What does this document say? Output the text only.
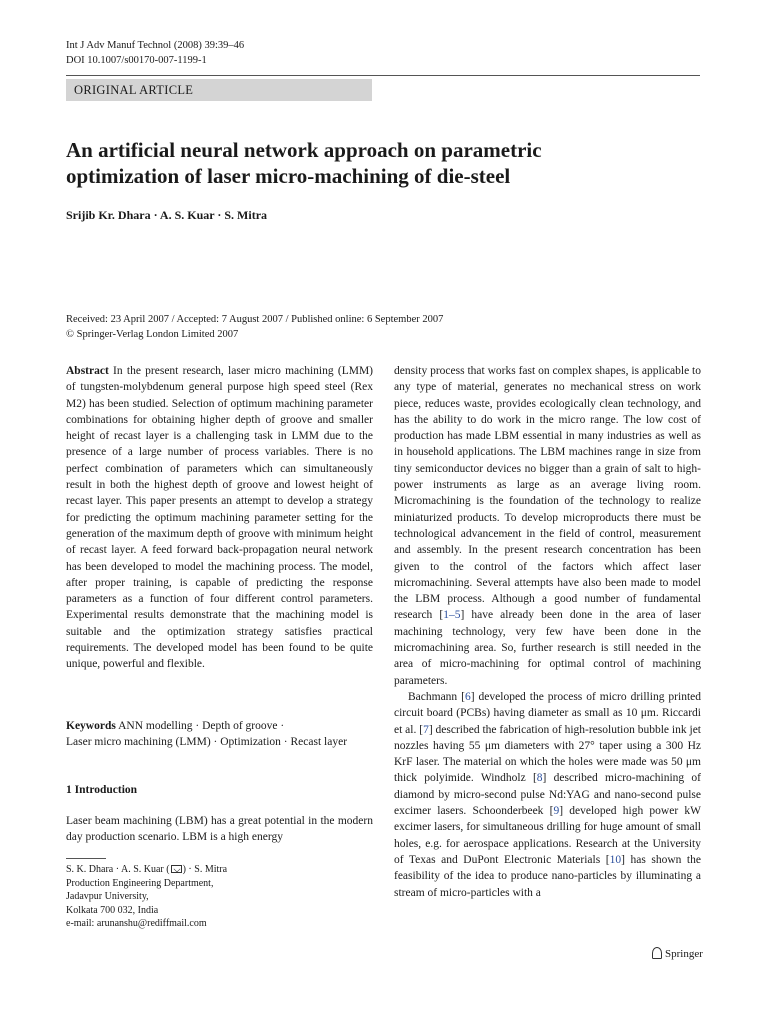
Int J Adv Manuf Technol (2008) 39:39–46
DOI 10.1007/s00170-007-1199-1
ORIGINAL ARTICLE
An artificial neural network approach on parametric
optimization of laser micro-machining of die-steel
Srijib Kr. Dhara · A. S. Kuar · S. Mitra
Received: 23 April 2007 / Accepted: 7 August 2007 / Published online: 6 September 2007
© Springer-Verlag London Limited 2007

Abstract In the present research, laser micro machining (LMM) of tungsten-molybdenum general purpose high speed steel (Rex M2) has been studied. Selection of optimum machining parameter combinations for obtaining higher depth of groove and smaller height of recast layer is a challenging task in LMM due to the presence of a large number of process variables. There is no perfect combination of parameters which can simultaneously result in both the highest depth of groove and lowest height of recast layer. This paper presents an attempt to develop a strategy for predicting the optimum machining parameter setting for the generation of the maximum depth of groove with minimum height of recast layer. A feed forward back-propagation neural network has been developed to model the machining process. The model, after proper training, is capable of predicting the response parameters as a function of four different control parameters. Experimental results demonstrate that the machining model is suitable and the optimization strategy satisfies practical requirements. The developed model has been found to be quite unique, powerful and flexible.

Keywords ANN modelling · Depth of groove ·
Laser micro machining (LMM) · Optimization · Recast layer
1 Introduction
Laser beam machining (LBM) has a great potential in the modern day production scenario. LBM is a high energy
S. K. Dhara · A. S. Kuar ( ) · S. Mitra
Production Engineering Department,
Jadavpur University,
Kolkata 700 032, India
e-mail: arunanshu@rediffmail.com

density process that works fast on complex shapes, is applicable to any type of material, generates no mechanical stress on work piece, reduces waste, provides ecologically clean technology, and has the ability to do work in the micro range. The low cost of production has made LBM essential in many industries as well as in household applications. The LBM machines range in size from tiny semiconductor devices no bigger than a grain of salt to high-power instruments as large as an average living room. Micromachining is the foundation of the technology to realize miniaturized products. To develop microproducts there must be technological advancement in the field of control, measurement and assembly. In the present research concentration has been given to the control of the factors which affect laser micromachining. Several attempts have also been made to model the LBM process. Although a good number of fundamental research [1–5] have already been done in the area of laser machining technology, very few have been done in the micromachining area. So, further research is still needed in the area of micro-machining for optimal control of machining parameters.

Bachmann [6] developed the process of micro drilling printed circuit board (PCBs) having diameter as small as 10 μm. Riccardi et al. [7] described the fabrication of high-resolution bubble ink jet nozzles having 55 μm diameters with 27° taper using a 300 Hz KrF laser. The material on which the holes were made was 50 μm thick polyimide. Windholz [8] described micro-machining of diamond by micro-second pulse Nd:YAG and nano-second pulse excimer lasers. Schoonderbeek [9] developed high power kW excimer lasers, for simultaneous drilling for huge amount of small holes, e.g. for aerospace applications. Research at the University of Texas and DuPont Electronic Materials [10] has shown the feasibility of the idea to produce nano-particles by illuminating a stream of micro-particles with a

Springer
